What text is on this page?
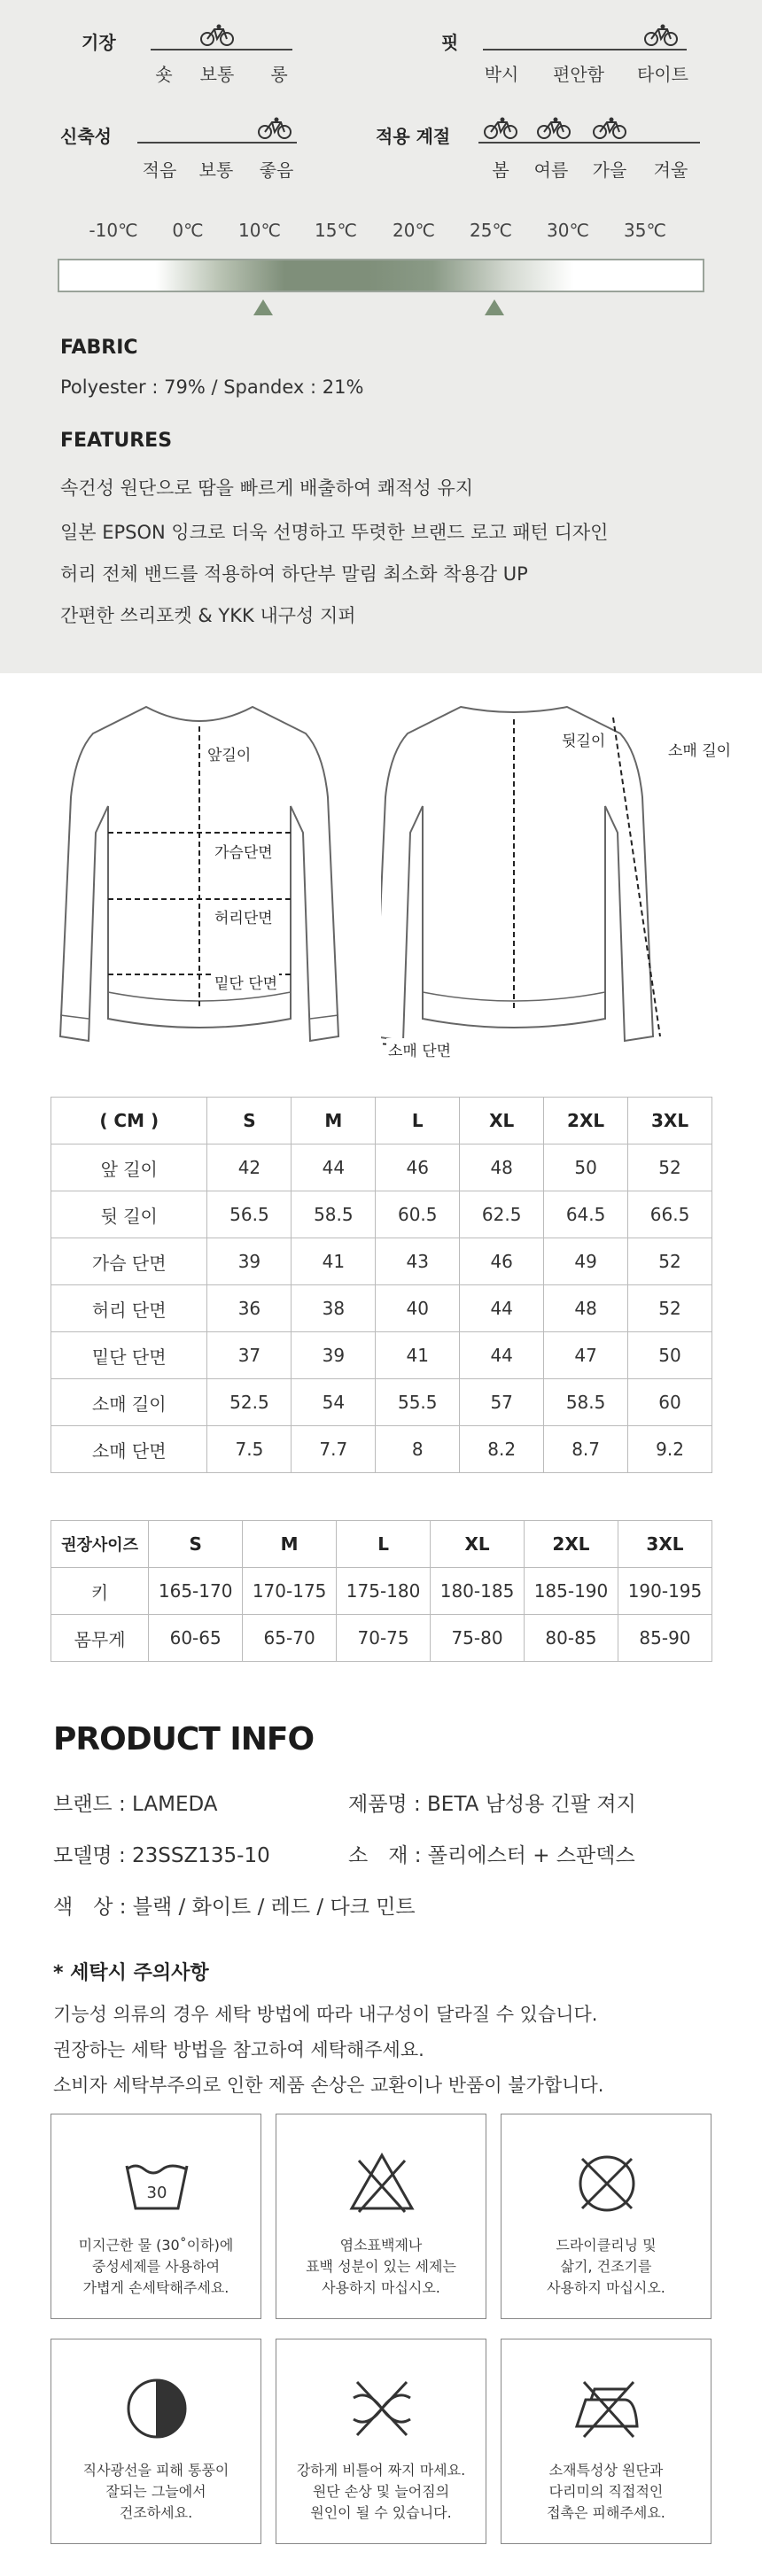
기장
숏	보통	롱
핏
박시	편안함	타이트
신축성
적음	보통	좋음
적용 계절
봄	여름	가을	겨울
-10℃	0℃	10℃	15℃	20℃	25℃	30℃	35℃
FABRIC
Polyester : 79% / Spandex : 21%
FEATURES
속건성 원단으로 땀을 빠르게 배출하여 쾌적성 유지
일본 EPSON 잉크로 더욱 선명하고 뚜렷한 브랜드 로고 패턴 디자인
허리 전체 밴드를 적용하여 하단부 말림 최소화 착용감 UP
간편한 쓰리포켓 & YKK 내구성 지퍼
앞길이
가슴단면
허리단면
밑단 단면
뒷길이
소매 길이
소매 단면
( CM )	S	M	L	XL	2XL	3XL
앞 길이	42	44	46	48	50	52
뒷 길이	56.5	58.5	60.5	62.5	64.5	66.5
가슴 단면	39	41	43	46	49	52
허리 단면	36	38	40	44	48	52
밑단 단면	37	39	41	44	47	50
소매 길이	52.5	54	55.5	57	58.5	60
소매 단면	7.5	7.7	8	8.2	8.7	9.2
권장사이즈	S	M	L	XL	2XL	3XL
키	165-170	170-175	175-180	180-185	185-190	190-195
몸무게	60-65	65-70	70-75	75-80	80-85	85-90
PRODUCT INFO
브랜드 : LAMEDA	제품명 : BETA 남성용 긴팔 져지
모델명 : 23SSZ135-10	소　재 : 폴리에스터 + 스판덱스
색　상 : 블랙 / 화이트 / 레드 / 다크 민트
* 세탁시 주의사항
기능성 의류의 경우 세탁 방법에 따라 내구성이 달라질 수 있습니다.
권장하는 세탁 방법을 참고하여 세탁해주세요.
소비자 세탁부주의로 인한 제품 손상은 교환이나 반품이 불가합니다.
30
미지근한 물 (30˚이하)에
중성세제를 사용하여
가볍게 손세탁해주세요.
염소표백제나
표백 성분이 있는 세제는
사용하지 마십시오.
드라이클리닝 및
삶기, 건조기를
사용하지 마십시오.
직사광선을 피해 통풍이
잘되는 그늘에서
건조하세요.
강하게 비틀어 짜지 마세요.
원단 손상 및 늘어짐의
원인이 될 수 있습니다.
소재특성상 원단과
다리미의 직접적인
접촉은 피해주세요.
